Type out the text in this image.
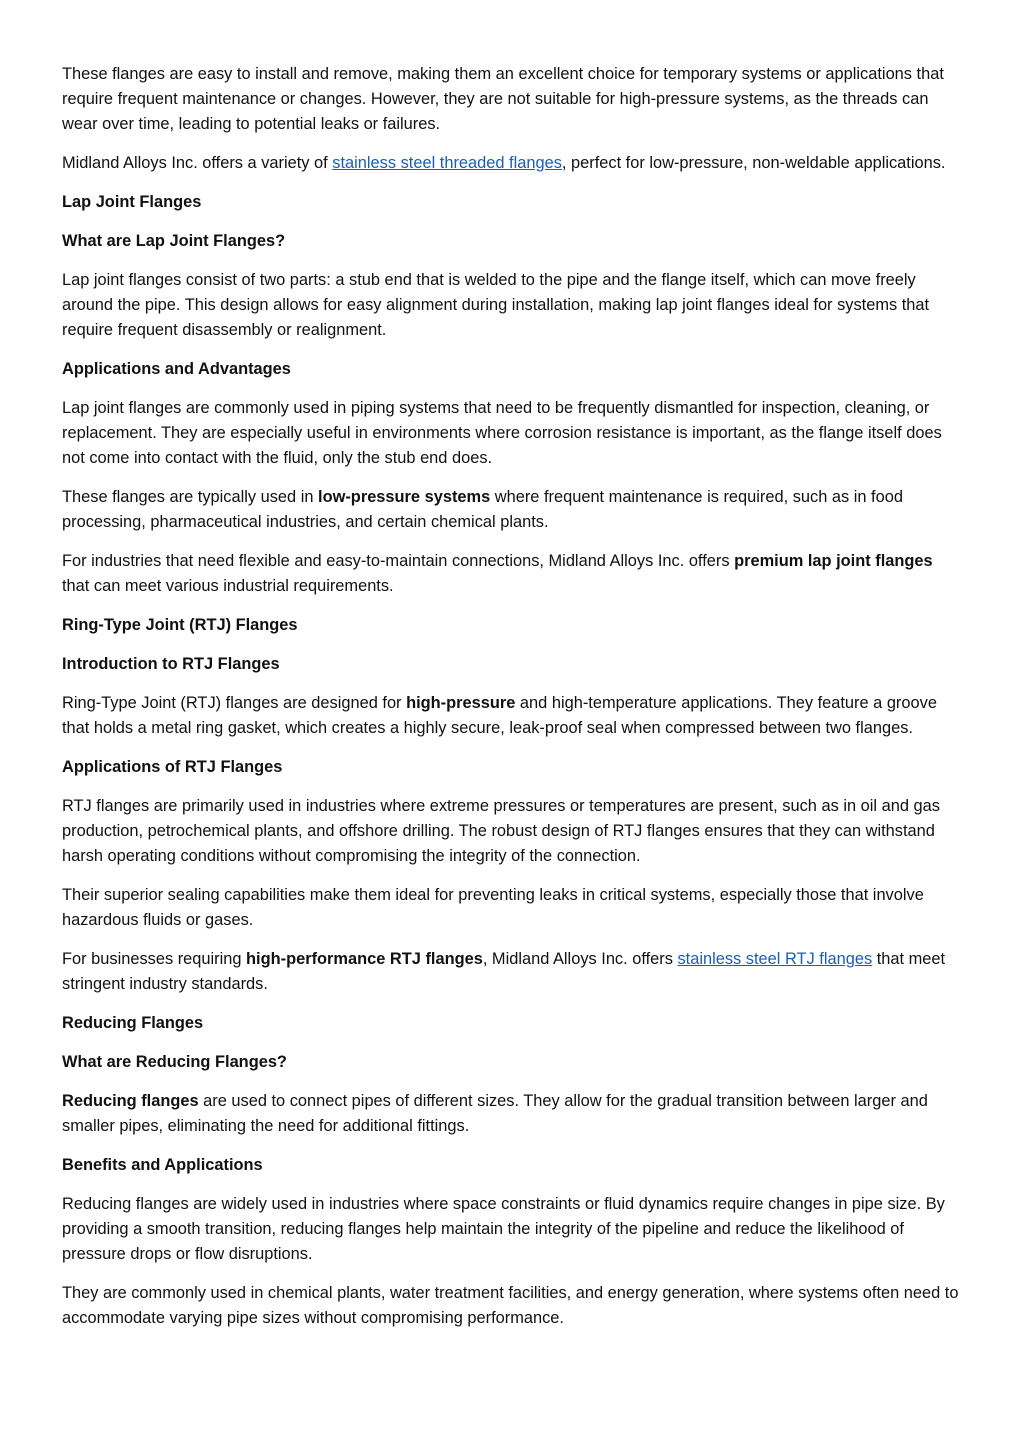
These flanges are easy to install and remove, making them an excellent choice for temporary systems or applications that require frequent maintenance or changes. However, they are not suitable for high-pressure systems, as the threads can wear over time, leading to potential leaks or failures.

Midland Alloys Inc. offers a variety of stainless steel threaded flanges, perfect for low-pressure, non-weldable applications.

Lap Joint Flanges

What are Lap Joint Flanges?

Lap joint flanges consist of two parts: a stub end that is welded to the pipe and the flange itself, which can move freely around the pipe. This design allows for easy alignment during installation, making lap joint flanges ideal for systems that require frequent disassembly or realignment.

Applications and Advantages

Lap joint flanges are commonly used in piping systems that need to be frequently dismantled for inspection, cleaning, or replacement. They are especially useful in environments where corrosion resistance is important, as the flange itself does not come into contact with the fluid, only the stub end does.

These flanges are typically used in low-pressure systems where frequent maintenance is required, such as in food processing, pharmaceutical industries, and certain chemical plants.

For industries that need flexible and easy-to-maintain connections, Midland Alloys Inc. offers premium lap joint flanges that can meet various industrial requirements.

Ring-Type Joint (RTJ) Flanges

Introduction to RTJ Flanges

Ring-Type Joint (RTJ) flanges are designed for high-pressure and high-temperature applications. They feature a groove that holds a metal ring gasket, which creates a highly secure, leak-proof seal when compressed between two flanges.

Applications of RTJ Flanges

RTJ flanges are primarily used in industries where extreme pressures or temperatures are present, such as in oil and gas production, petrochemical plants, and offshore drilling. The robust design of RTJ flanges ensures that they can withstand harsh operating conditions without compromising the integrity of the connection.

Their superior sealing capabilities make them ideal for preventing leaks in critical systems, especially those that involve hazardous fluids or gases.

For businesses requiring high-performance RTJ flanges, Midland Alloys Inc. offers stainless steel RTJ flanges that meet stringent industry standards.

Reducing Flanges

What are Reducing Flanges?

Reducing flanges are used to connect pipes of different sizes. They allow for the gradual transition between larger and smaller pipes, eliminating the need for additional fittings.

Benefits and Applications

Reducing flanges are widely used in industries where space constraints or fluid dynamics require changes in pipe size. By providing a smooth transition, reducing flanges help maintain the integrity of the pipeline and reduce the likelihood of pressure drops or flow disruptions.

They are commonly used in chemical plants, water treatment facilities, and energy generation, where systems often need to accommodate varying pipe sizes without compromising performance.
